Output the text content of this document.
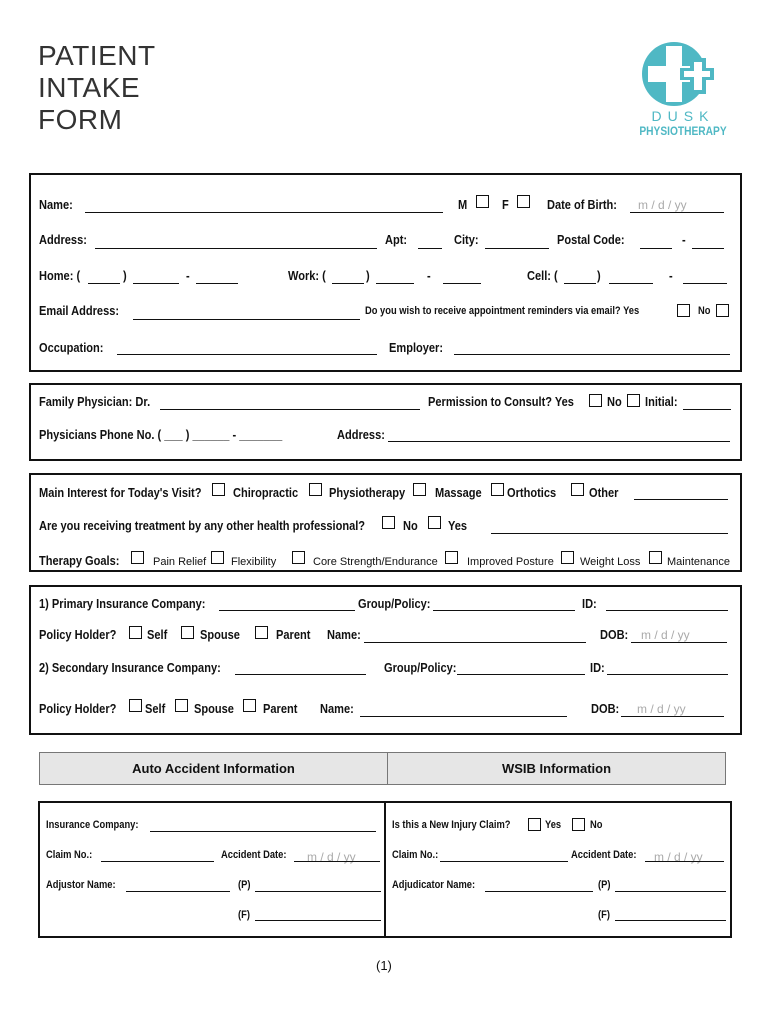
PATIENT
INTAKE
FORM	DUSK
PHYSIOTHERAPY
Name:	M	F	Date of Birth: m / d / yy
Address:	Apt:	City:	Postal Code:	-
Home: (	)	-	Work: (	)	-	Cell: (	)	-
Email Address:	Do you wish to receive appointment reminders via email? Yes	No
Occupation:	Employer:
Family Physician: Dr.	Permission to Consult? Yes	No Initial:
Physicians Phone No. ( ___ ) ______ - _______	Address:
Main Interest for Today's Visit? Chiropractic Physiotherapy Massage Orthotics	Other
Are you receiving treatment by any other health professional?	No Yes
Therapy Goals:	Pain Relief Flexibility	Core Strength/Endurance	Improved Posture Weight Loss Maintenance
1) Primary Insurance Company:	Group/Policy:	ID:
Policy Holder? Self	Spouse	Parent Name:	DOB: m / d / yy
2) Secondary Insurance Company:	Group/Policy:	ID:
Policy Holder? Self Spouse Parent Name:	DOB: m / d / yy
Auto Accident Information	WSIB Information
Insurance Company:
Claim No.:	Accident Date: m / d / yy
Adjustor Name:	(P)
(F)
Is this a New Injury Claim?	Yes	No
Claim No.:	Accident Date: m / d / yy
Adjudicator Name:	(P)
(F)
(1)
